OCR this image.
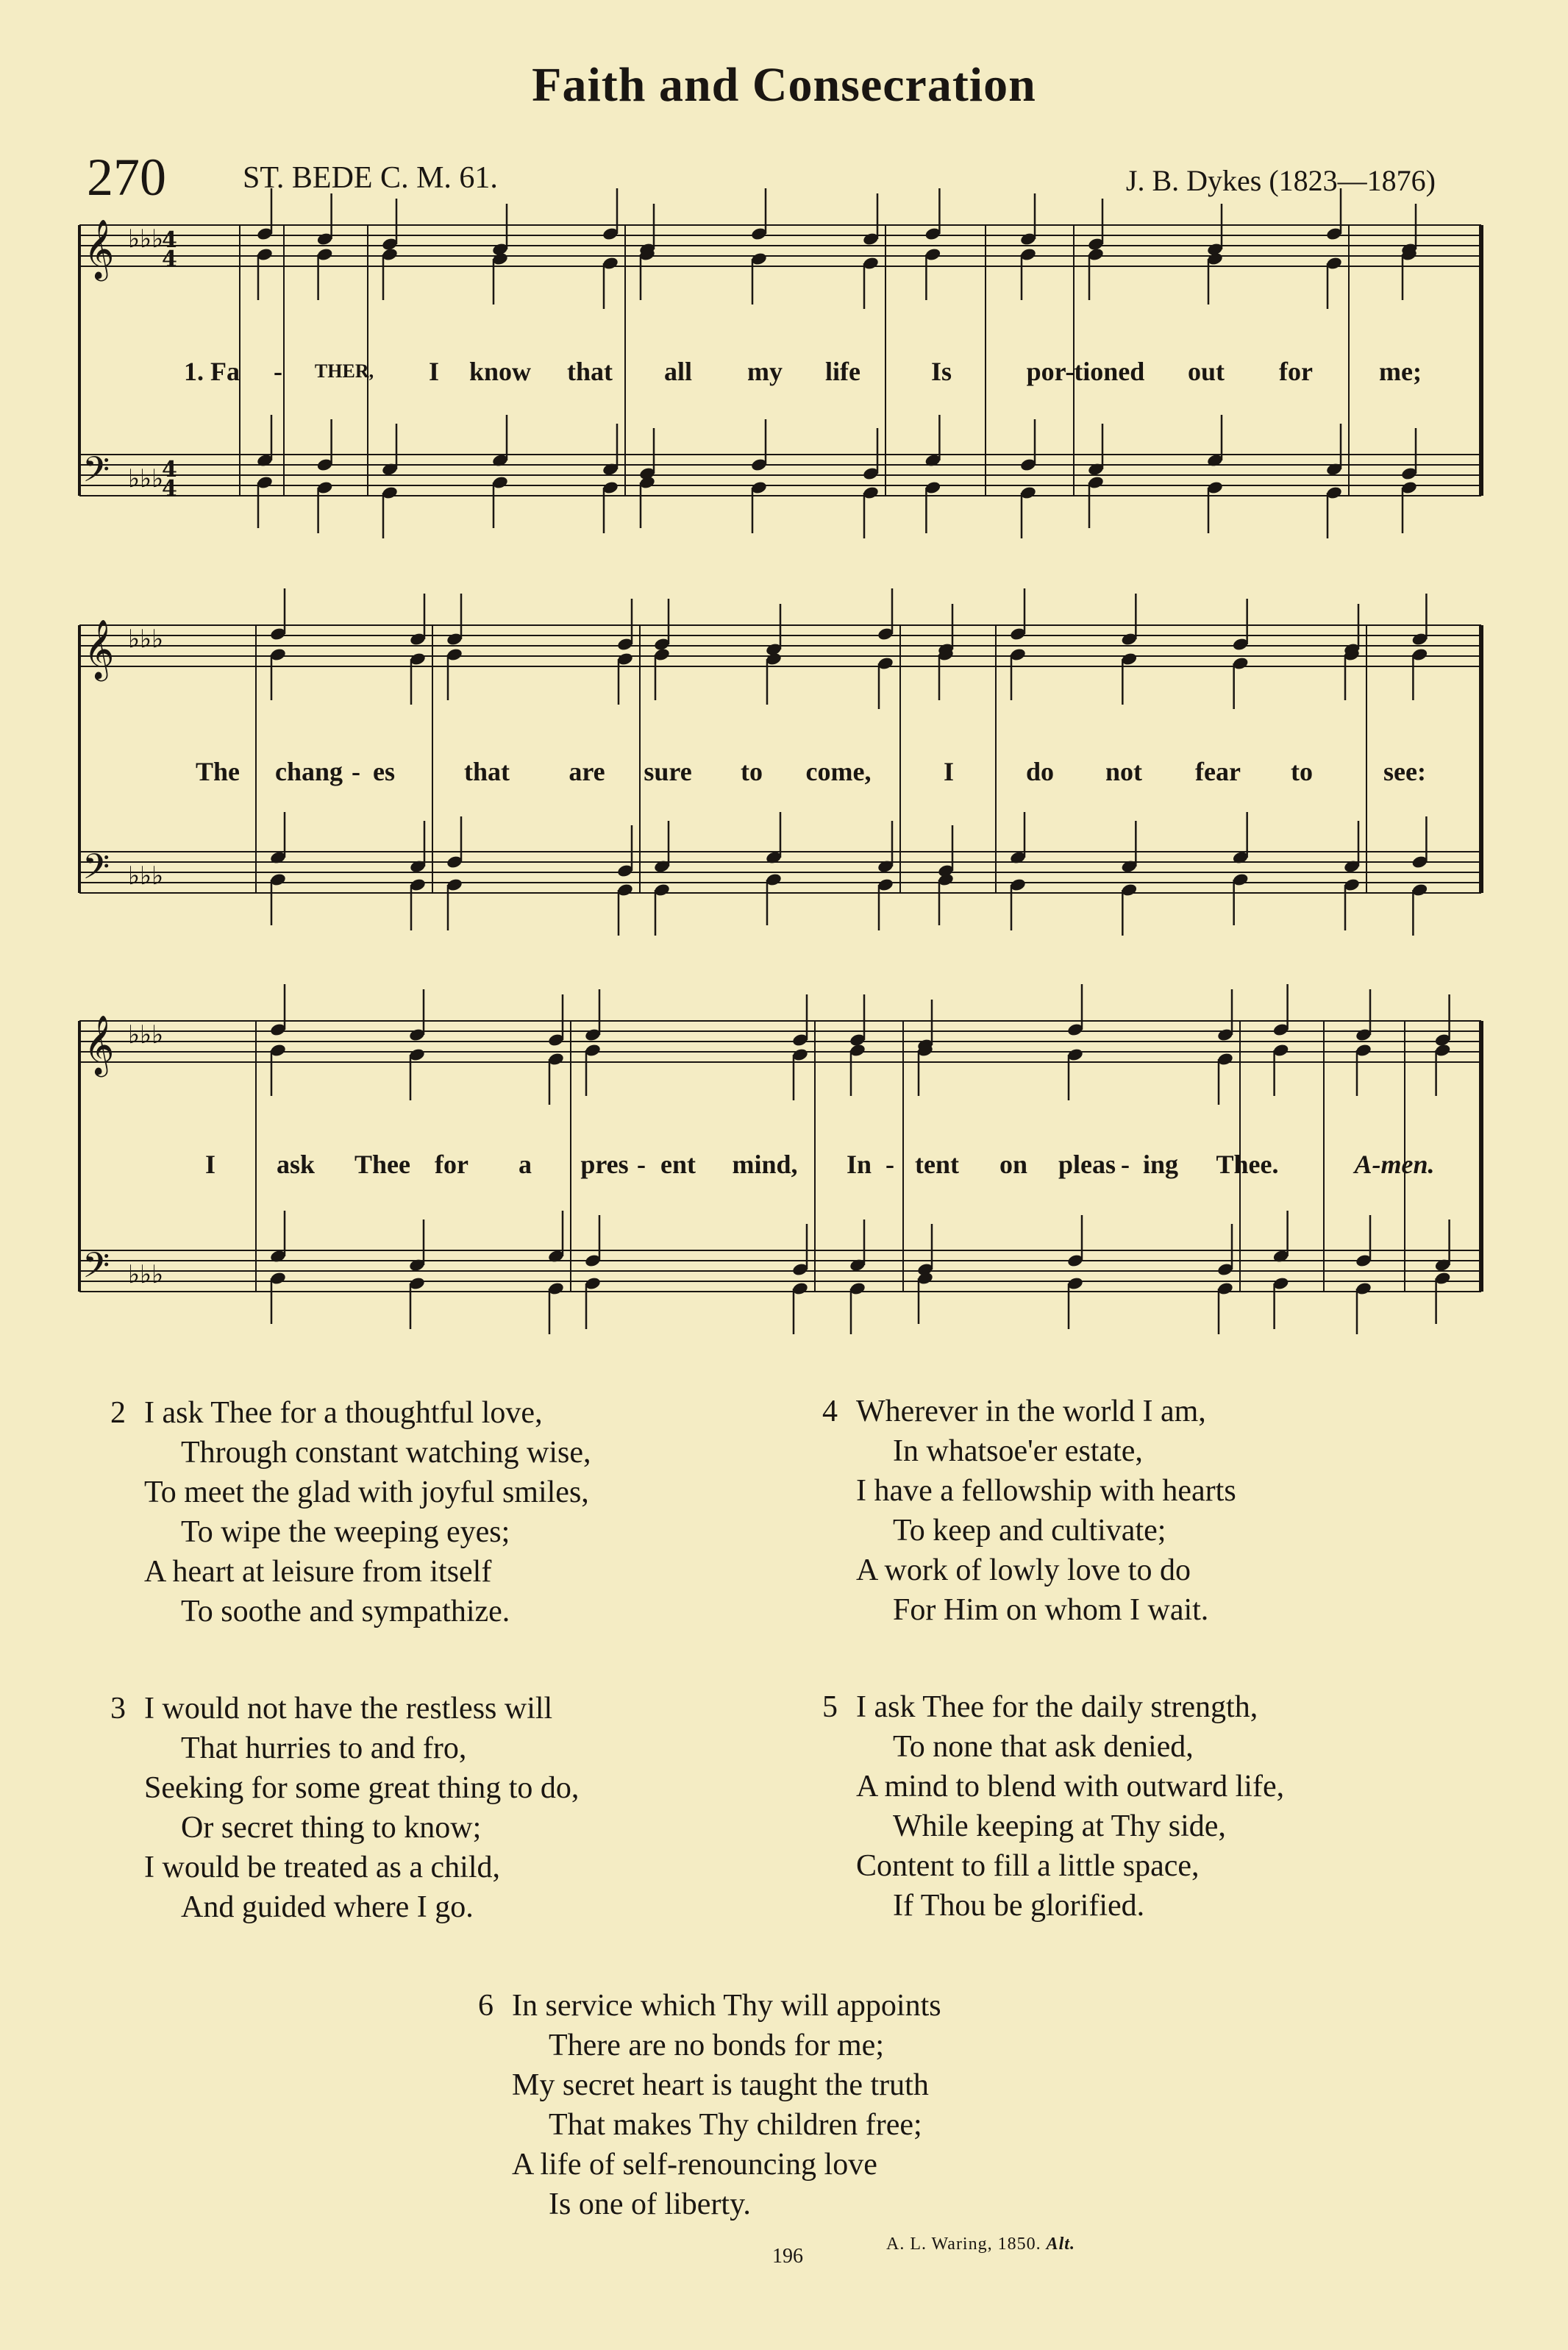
Faith and Consecration
270 ST. BEDE C. M. 61.	J. B. Dykes (1823—1876)
𝄞
𝄢
♭♭♭
♭♭♭
4
4
4
4
𝄞
𝄢
♭♭♭
♭♭♭
𝄞
𝄢
♭♭♭
♭♭♭
1. Fa - THER, I know that all my life	Is	por-tioned out for	me;
The chang - es	that are sure to come,	I	do not fear to	see:
I ask Thee for a pres - ent mind, In - tent on pleas - ing Thee.	A-men.
2 I ask Thee for a thoughtful love,
Through constant watching wise,
To meet the glad with joyful smiles,
To wipe the weeping eyes;
A heart at leisure from itself
To soothe and sympathize.
4 Wherever in the world I am,
In whatsoe'er estate,
I have a fellowship with hearts
To keep and cultivate;
A work of lowly love to do
For Him on whom I wait.
3 I would not have the restless will
That hurries to and fro,
Seeking for some great thing to do,
Or secret thing to know;
I would be treated as a child,
And guided where I go.
5 I ask Thee for the daily strength,
To none that ask denied,
A mind to blend with outward life,
While keeping at Thy side,
Content to fill a little space,
If Thou be glorified.
6 In service which Thy will appoints
There are no bonds for me;
My secret heart is taught the truth
That makes Thy children free;
A life of self-renouncing love
Is one of liberty.
196
A. L. Waring, 1850. Alt.
